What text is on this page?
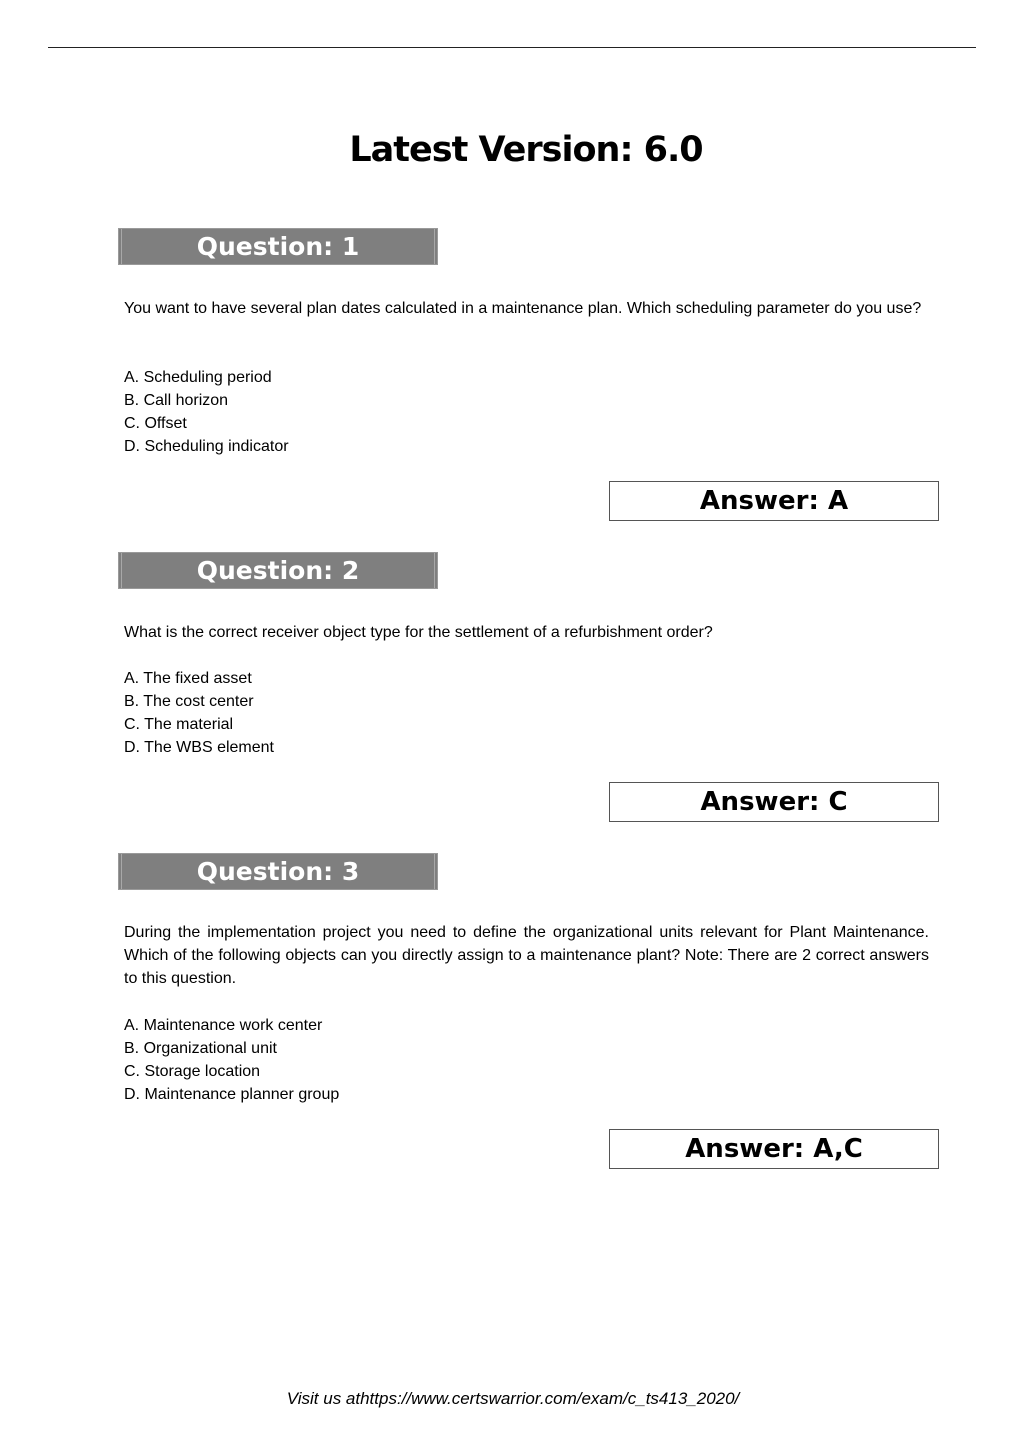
Latest Version: 6.0
Question: 1

You want to have several plan dates calculated in a maintenance plan. Which scheduling parameter do you use?

A. Scheduling period
B. Call horizon
C. Offset
D. Scheduling indicator
Answer: A
Question: 2

What is the correct receiver object type for the settlement of a refurbishment order?

A. The fixed asset
B. The cost center
C. The material
D. The WBS element
Answer: C
Question: 3

During the implementation project you need to define the organizational units relevant for Plant Maintenance. Which of the following objects can you directly assign to a maintenance plant? Note: There are 2 correct answers to this question.

A. Maintenance work center
B. Organizational unit
C. Storage location
D. Maintenance planner group
Answer: A,C
Visit us athttps://www.certswarrior.com/exam/c_ts413_2020/
